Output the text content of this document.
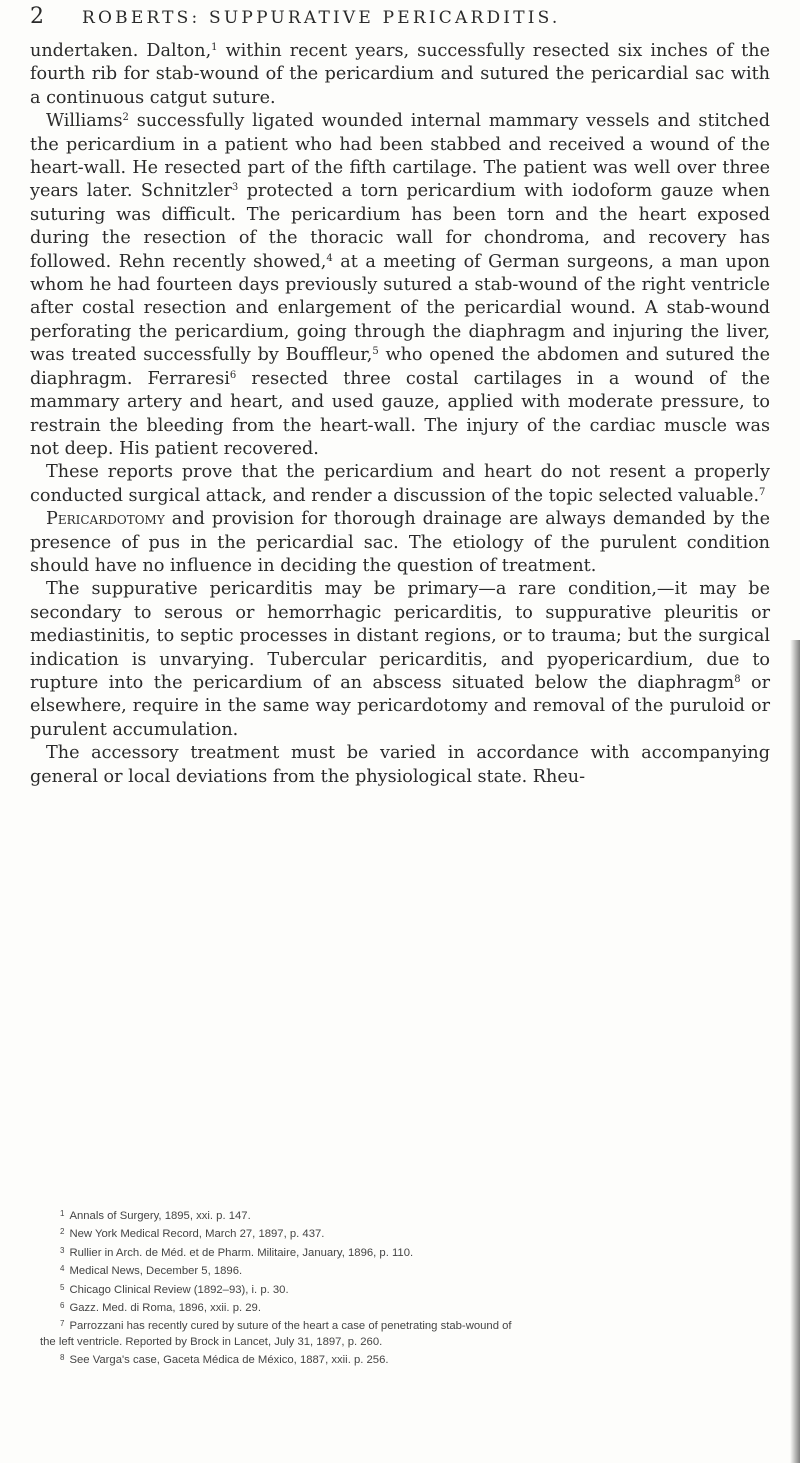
2 ROBERTS: SUPPURATIVE PERICARDITIS.

undertaken. Dalton,$^1$ within recent years, successfully resected six inches of the fourth rib for stab-wound of the pericardium and sutured the pericardial sac with a continuous catgut suture.

Williams$^2$ successfully ligated wounded internal mammary vessels and stitched the pericardium in a patient who had been stabbed and received a wound of the heart-wall. He resected part of the fifth cartilage. The patient was well over three years later. Schnitzler$^3$ protected a torn pericardium with iodoform gauze when suturing was difficult. The pericardium has been torn and the heart exposed during the resection of the thoracic wall for chondroma, and recovery has followed. Rehn recently showed,$^4$ at a meeting of German surgeons, a man upon whom he had fourteen days previously sutured a stab-wound of the right ventricle after costal resection and enlargement of the pericardial wound. A stab-wound perforating the pericardium, going through the diaphragm and injuring the liver, was treated successfully by Bouffleur,$^5$ who opened the abdomen and sutured the diaphragm. Ferraresi$^6$ resected three costal cartilages in a wound of the mammary artery and heart, and used gauze, applied with moderate pressure, to restrain the bleeding from the heart-wall. The injury of the cardiac muscle was not deep. His patient recovered.

These reports prove that the pericardium and heart do not resent a properly conducted surgical attack, and render a discussion of the topic selected valuable.$^7$

Pericardotomy and provision for thorough drainage are always demanded by the presence of pus in the pericardial sac. The etiology of the purulent condition should have no influence in deciding the question of treatment.

The suppurative pericarditis may be primary—a rare condition,—it may be secondary to serous or hemorrhagic pericarditis, to suppurative pleuritis or mediastinitis, to septic processes in distant regions, or to trauma; but the surgical indication is unvarying. Tubercular pericarditis, and pyopericardium, due to rupture into the pericardium of an abscess situated below the diaphragm$^8$ or elsewhere, require in the same way pericardotomy and removal of the puruloid or purulent accumulation.

The accessory treatment must be varied in accordance with accompanying general or local deviations from the physiological state. Rheu-

$^1$ Annals of Surgery, 1895, xxi. p. 147.

$^2$ New York Medical Record, March 27, 1897, p. 437.

$^3$ Rullier in Arch. de Méd. et de Pharm. Militaire, January, 1896, p. 110.

$^4$ Medical News, December 5, 1896.

$^5$ Chicago Clinical Review (1892–93), i. p. 30.

$^6$ Gazz. Med. di Roma, 1896, xxii. p. 29.

$^7$ Parrozzani has recently cured by suture of the heart a case of penetrating stab-wound of

the left ventricle. Reported by Brock in Lancet, July 31, 1897, p. 260.

$^8$ See Varga's case, Gaceta Médica de México, 1887, xxii. p. 256.
